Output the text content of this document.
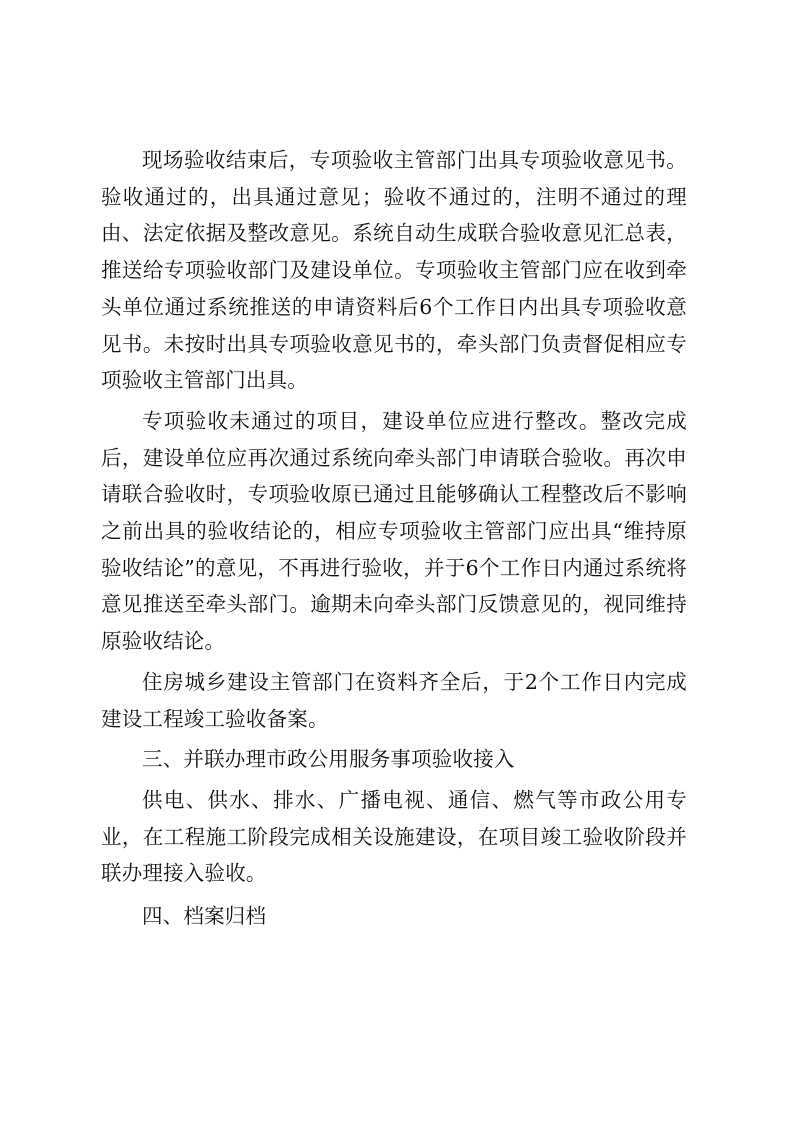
现场验收结束后，专项验收主管部门出具专项验收意见书。验收通过的，出具通过意见；验收不通过的，注明不通过的理由、法定依据及整改意见。系统自动生成联合验收意见汇总表，推送给专项验收部门及建设单位。专项验收主管部门应在收到牵头单位通过系统推送的申请资料后6个工作日内出具专项验收意见书。未按时出具专项验收意见书的，牵头部门负责督促相应专项验收主管部门出具。

专项验收未通过的项目，建设单位应进行整改。整改完成后，建设单位应再次通过系统向牵头部门申请联合验收。再次申请联合验收时，专项验收原已通过且能够确认工程整改后不影响之前出具的验收结论的，相应专项验收主管部门应出具“维持原验收结论”的意见，不再进行验收，并于6个工作日内通过系统将意见推送至牵头部门。逾期未向牵头部门反馈意见的，视同维持原验收结论。

住房城乡建设主管部门在资料齐全后，于2个工作日内完成建设工程竣工验收备案。

三、并联办理市政公用服务事项验收接入

供电、供水、排水、广播电视、通信、燃气等市政公用专业，在工程施工阶段完成相关设施建设，在项目竣工验收阶段并联办理接入验收。

四、档案归档
